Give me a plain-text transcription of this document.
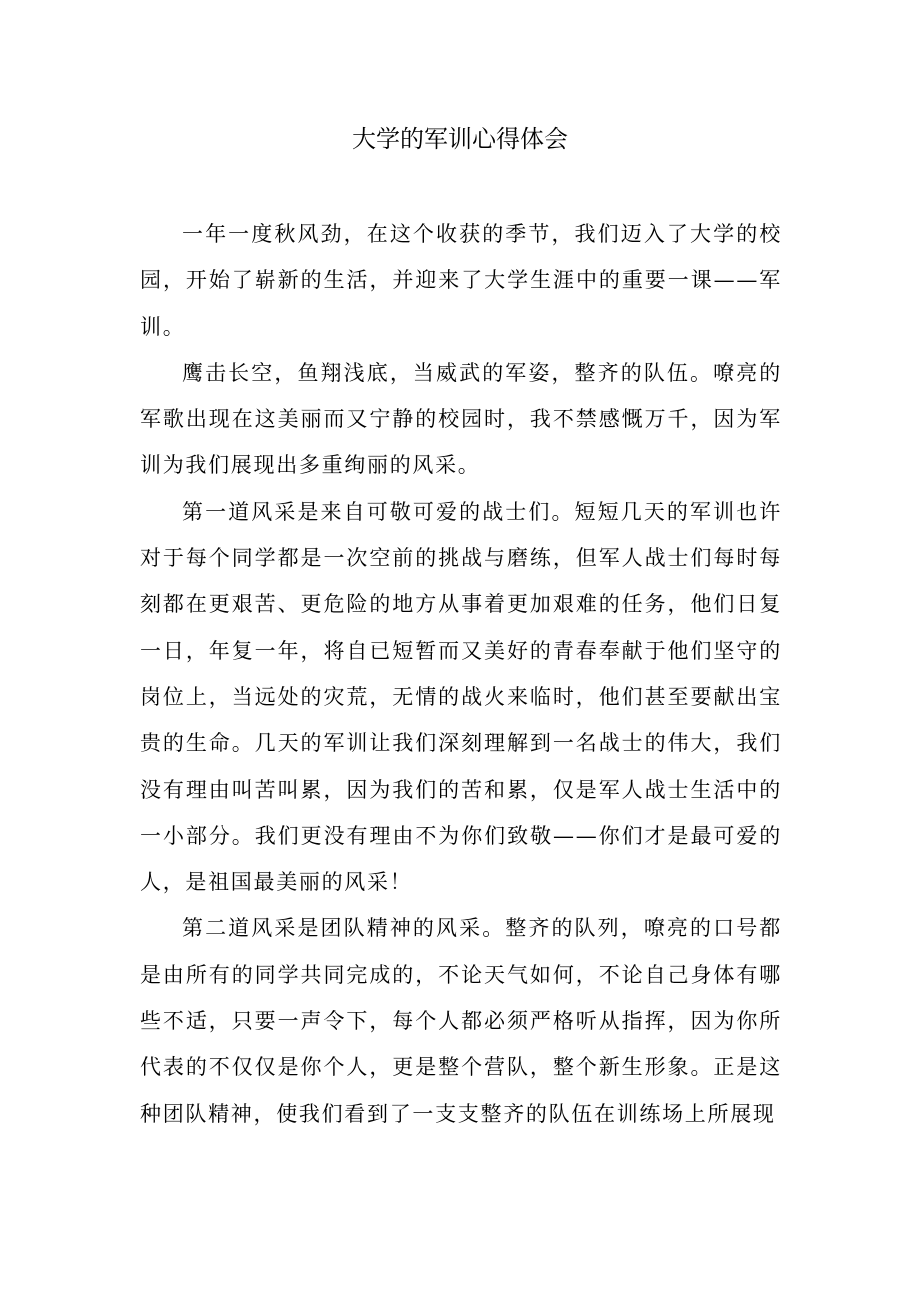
大学的军训心得体会

一年一度秋风劲，在这个收获的季节，我们迈入了大学的校园，开始了崭新的生活，并迎来了大学生涯中的重要一课——军训。

鹰击长空，鱼翔浅底，当威武的军姿，整齐的队伍。嘹亮的军歌出现在这美丽而又宁静的校园时，我不禁感慨万千，因为军训为我们展现出多重绚丽的风采。

第一道风采是来自可敬可爱的战士们。短短几天的军训也许对于每个同学都是一次空前的挑战与磨练，但军人战士们每时每刻都在更艰苦、更危险的地方从事着更加艰难的任务，他们日复一日，年复一年，将自已短暂而又美好的青春奉献于他们坚守的岗位上，当远处的灾荒，无情的战火来临时，他们甚至要献出宝贵的生命。几天的军训让我们深刻理解到一名战士的伟大，我们没有理由叫苦叫累，因为我们的苦和累，仅是军人战士生活中的一小部分。我们更没有理由不为你们致敬——你们才是最可爱的人，是祖国最美丽的风采！

第二道风采是团队精神的风采。整齐的队列，嘹亮的口号都是由所有的同学共同完成的，不论天气如何，不论自己身体有哪些不适，只要一声令下，每个人都必须严格听从指挥，因为你所代表的不仅仅是你个人，更是整个营队，整个新生形象。正是这种团队精神，使我们看到了一支支整齐的队伍在训练场上所展现
